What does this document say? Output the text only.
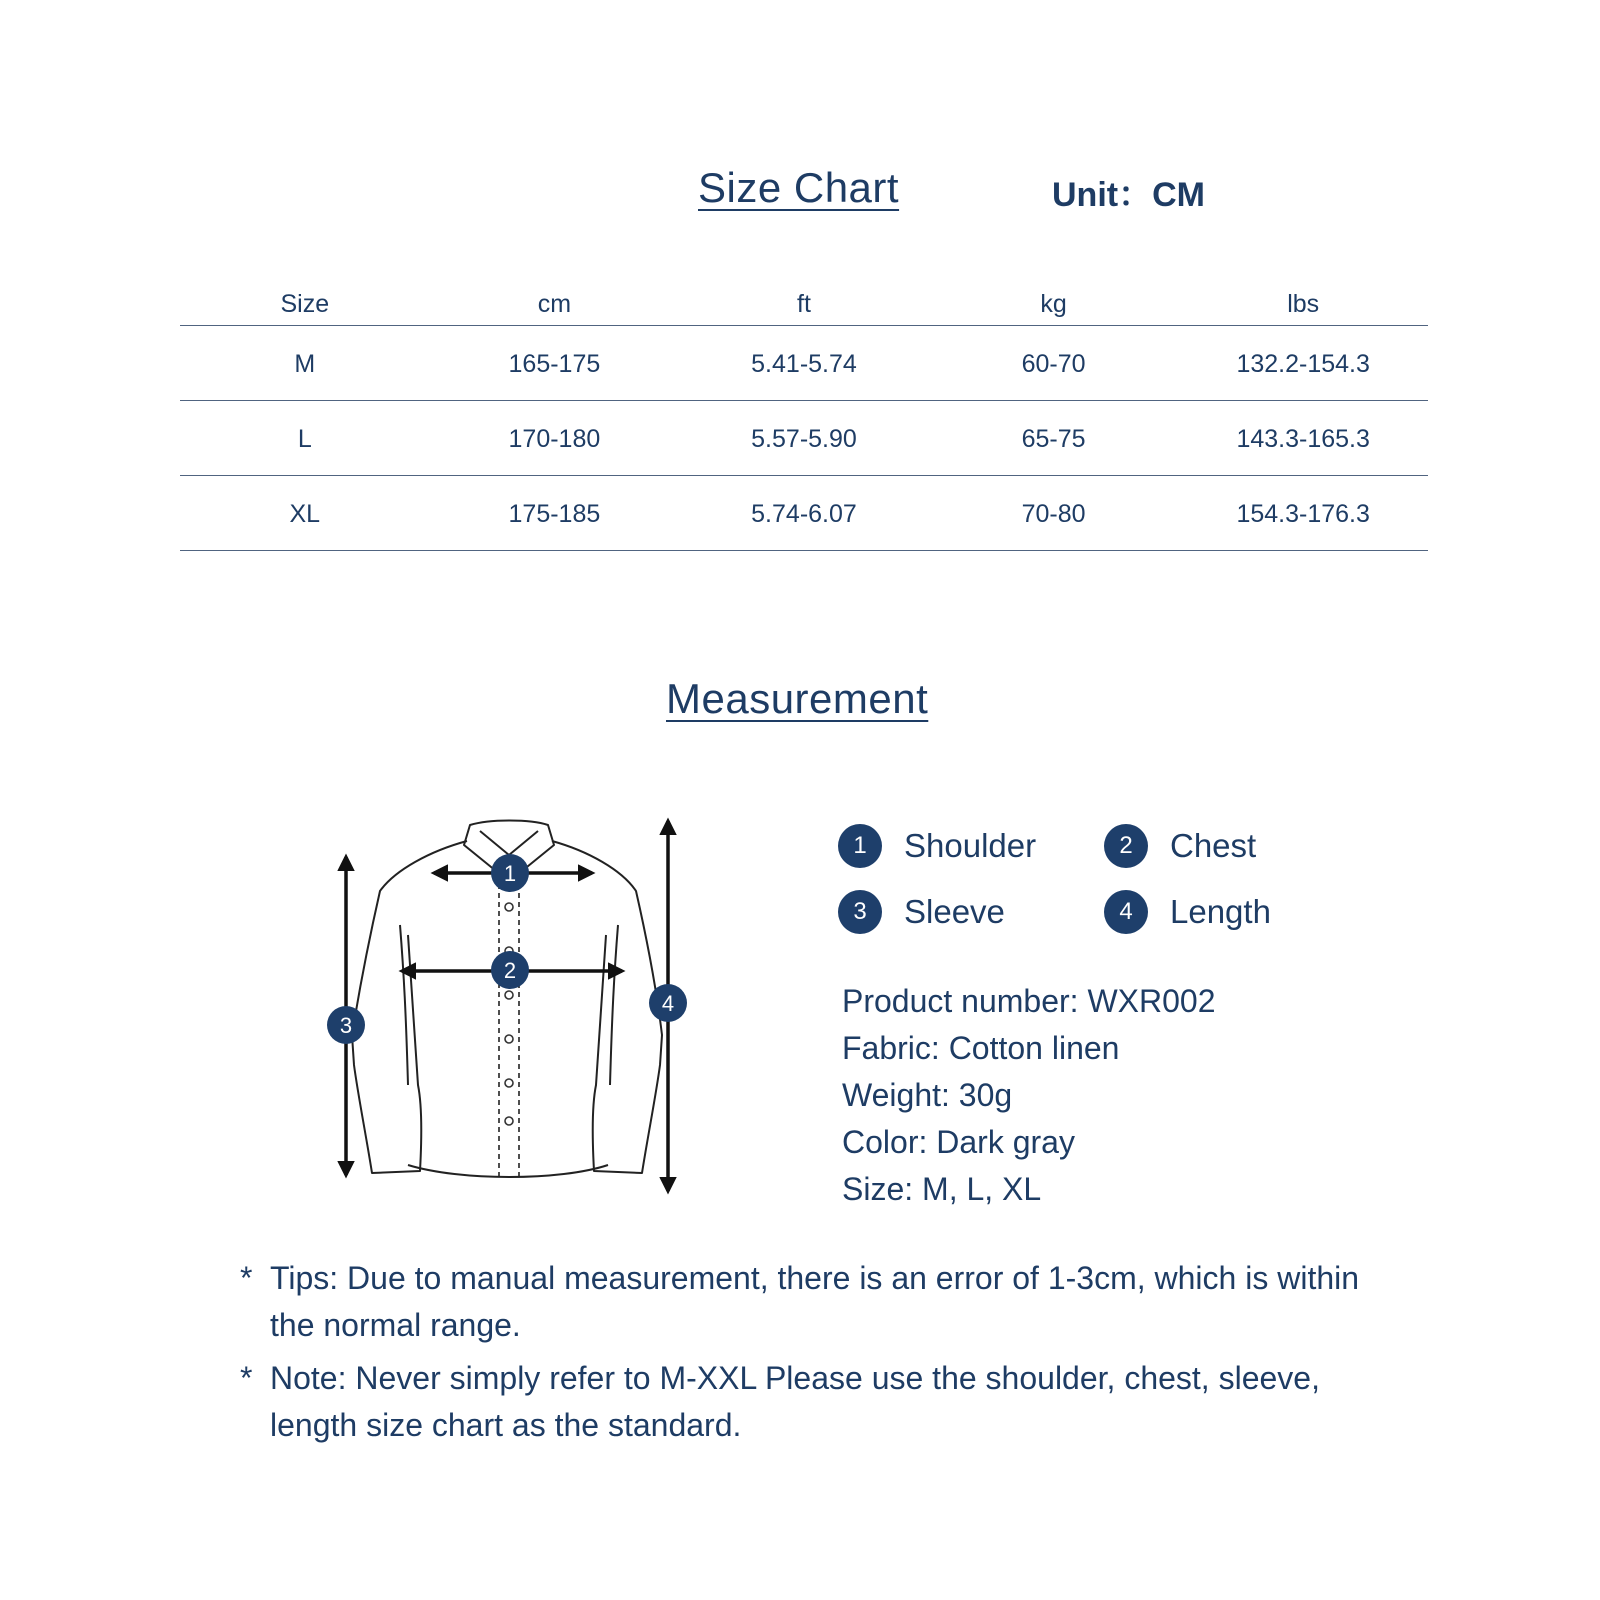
Size Chart	Unit：CM
Size	cm	ft	kg	lbs
M	165-175	5.41-5.74	60-70	132.2-154.3
L	170-180	5.57-5.90	65-75	143.3-165.3
XL	175-185	5.74-6.07	70-80	154.3-176.3
Measurement
1
2
3
4
1	Shoulder	2	Chest
3	Sleeve	4	Length
Product number: WXR002
Fabric: Cotton linen
Weight: 30g
Color: Dark gray
Size: M, L, XL
* Tips: Due to manual measurement, there is an error of 1-3cm, which is within the normal range.
* Note: Never simply refer to M-XXL Please use the shoulder, chest, sleeve, length size chart as the standard.
